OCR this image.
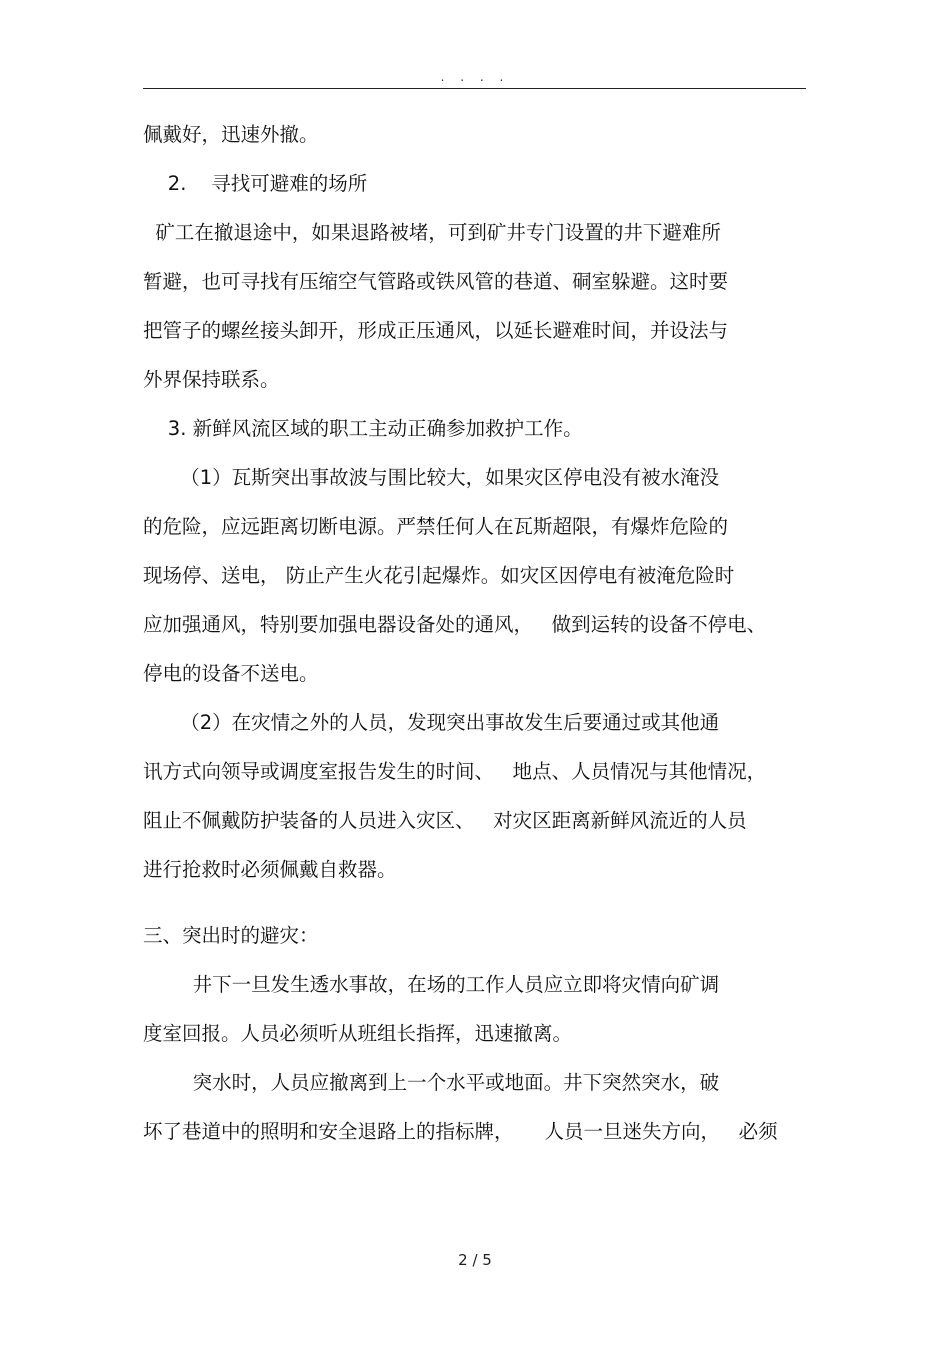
. . . .
佩戴好，迅速外撤。
2.    寻找可避难的场所
矿工在撤退途中，如果退路被堵，可到矿井专门设置的井下避难所
暂避，也可寻找有压缩空气管路或铁风管的巷道、硐室躲避。这时要
把管子的螺丝接头卸开，形成正压通风，以延长避难时间，并设法与
外界保持联系。
3. 新鲜风流区域的职工主动正确参加救护工作。
（1）瓦斯突出事故波与围比较大，如果灾区停电没有被水淹没
的危险，应远距离切断电源。严禁任何人在瓦斯超限，有爆炸危险的
现场停、送电， 防止产生火花引起爆炸。如灾区因停电有被淹危险时
应加强通风，特别要加强电器设备处的通风，   做到运转的设备不停电、
停电的设备不送电。
（2）在灾情之外的人员，发现突出事故发生后要通过或其他通
讯方式向领导或调度室报告发生的时间、   地点、人员情况与其他情况，
阻止不佩戴防护装备的人员进入灾区、   对灾区距离新鲜风流近的人员
进行抢救时必须佩戴自救器。
三、突出时的避灾：
井下一旦发生透水事故，在场的工作人员应立即将灾情向矿调
度室回报。人员必须听从班组长指挥，迅速撤离。
突水时，人员应撤离到上一个水平或地面。井下突然突水，破
坏了巷道中的照明和安全退路上的指标牌，     人员一旦迷失方向，   必须
2 / 5
